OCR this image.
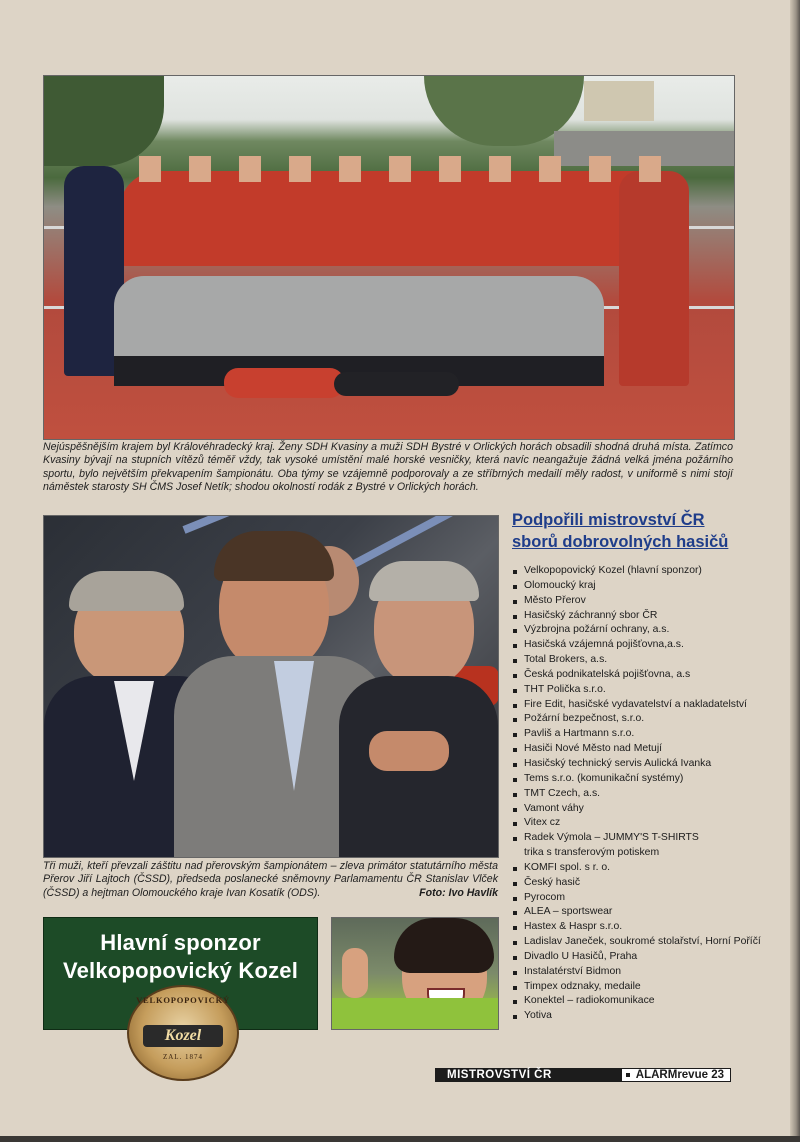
Nejúspěšnějším krajem byl Královéhradecký kraj. Ženy SDH Kvasiny a muži SDH Bystré v Orlických horách obsadili shodná druhá místa. Zatímco Kvasiny bývají na stupních vítězů téměř vždy, tak vysoké umístění malé horské vesničky, která navíc neangažuje žádná velká jména požárního sportu, bylo největším překvapením šampionátu. Oba týmy se vzájemně podporovaly a ze stříbrných medailí měly radost, v uniformě s nimi stojí náměstek starosty SH ČMS Josef Netík; shodou okolností rodák z Bystré v Orlických horách.
Tři muži, kteří převzali záštitu nad přerovským šampionátem – zleva primátor statutárního města Přerov Jiří Lajtoch (ČSSD), předseda poslanecké sněmovny Parlamamentu ČR Stanislav Vlček (ČSSD) a hejtman Olomouckého kraje Ivan Kosatík (ODS).	Foto: Ivo Havlík
Hlavní sponzor
Velkopopovický Kozel
VELKOPOPOVICKÝ
Kozel
ZAL. 1874
Podpořili mistrovství ČR
sborů dobrovolných hasičů
Velkopopovický Kozel (hlavní sponzor)
Olomoucký kraj
Město Přerov
Hasičský záchranný sbor ČR
Výzbrojna požární ochrany, a.s.
Hasičská vzájemná pojišťovna,a.s.
Total Brokers, a.s.
Česká podnikatelská pojišťovna, a.s
THT Polička s.r.o.
Fire Edit, hasičské vydavatelství a nakladatelství
Požární bezpečnost, s.r.o.
Pavliš a Hartmann s.r.o.
Hasiči Nové Město nad Metují
Hasičský technický servis Aulická Ivanka
Tems s.r.o. (komunikační systémy)
TMT Czech, a.s.
Vamont váhy
Vitex cz
Radek Výmola – JUMMY'S T-SHIRTS
trika s transferovým potiskem
KOMFI spol. s r. o.
Český hasič
Pyrocom
ALEA – sportswear
Hastex & Haspr s.r.o.
Ladislav Janeček, soukromé stolařství, Horní Poříčí
Divadlo U Hasičů, Praha
Instalatérství Bidmon
Timpex odznaky, medaile
Konektel – radiokomunikace
Yotiva
MISTROVSTVÍ ČR	ALARMrevue 23
